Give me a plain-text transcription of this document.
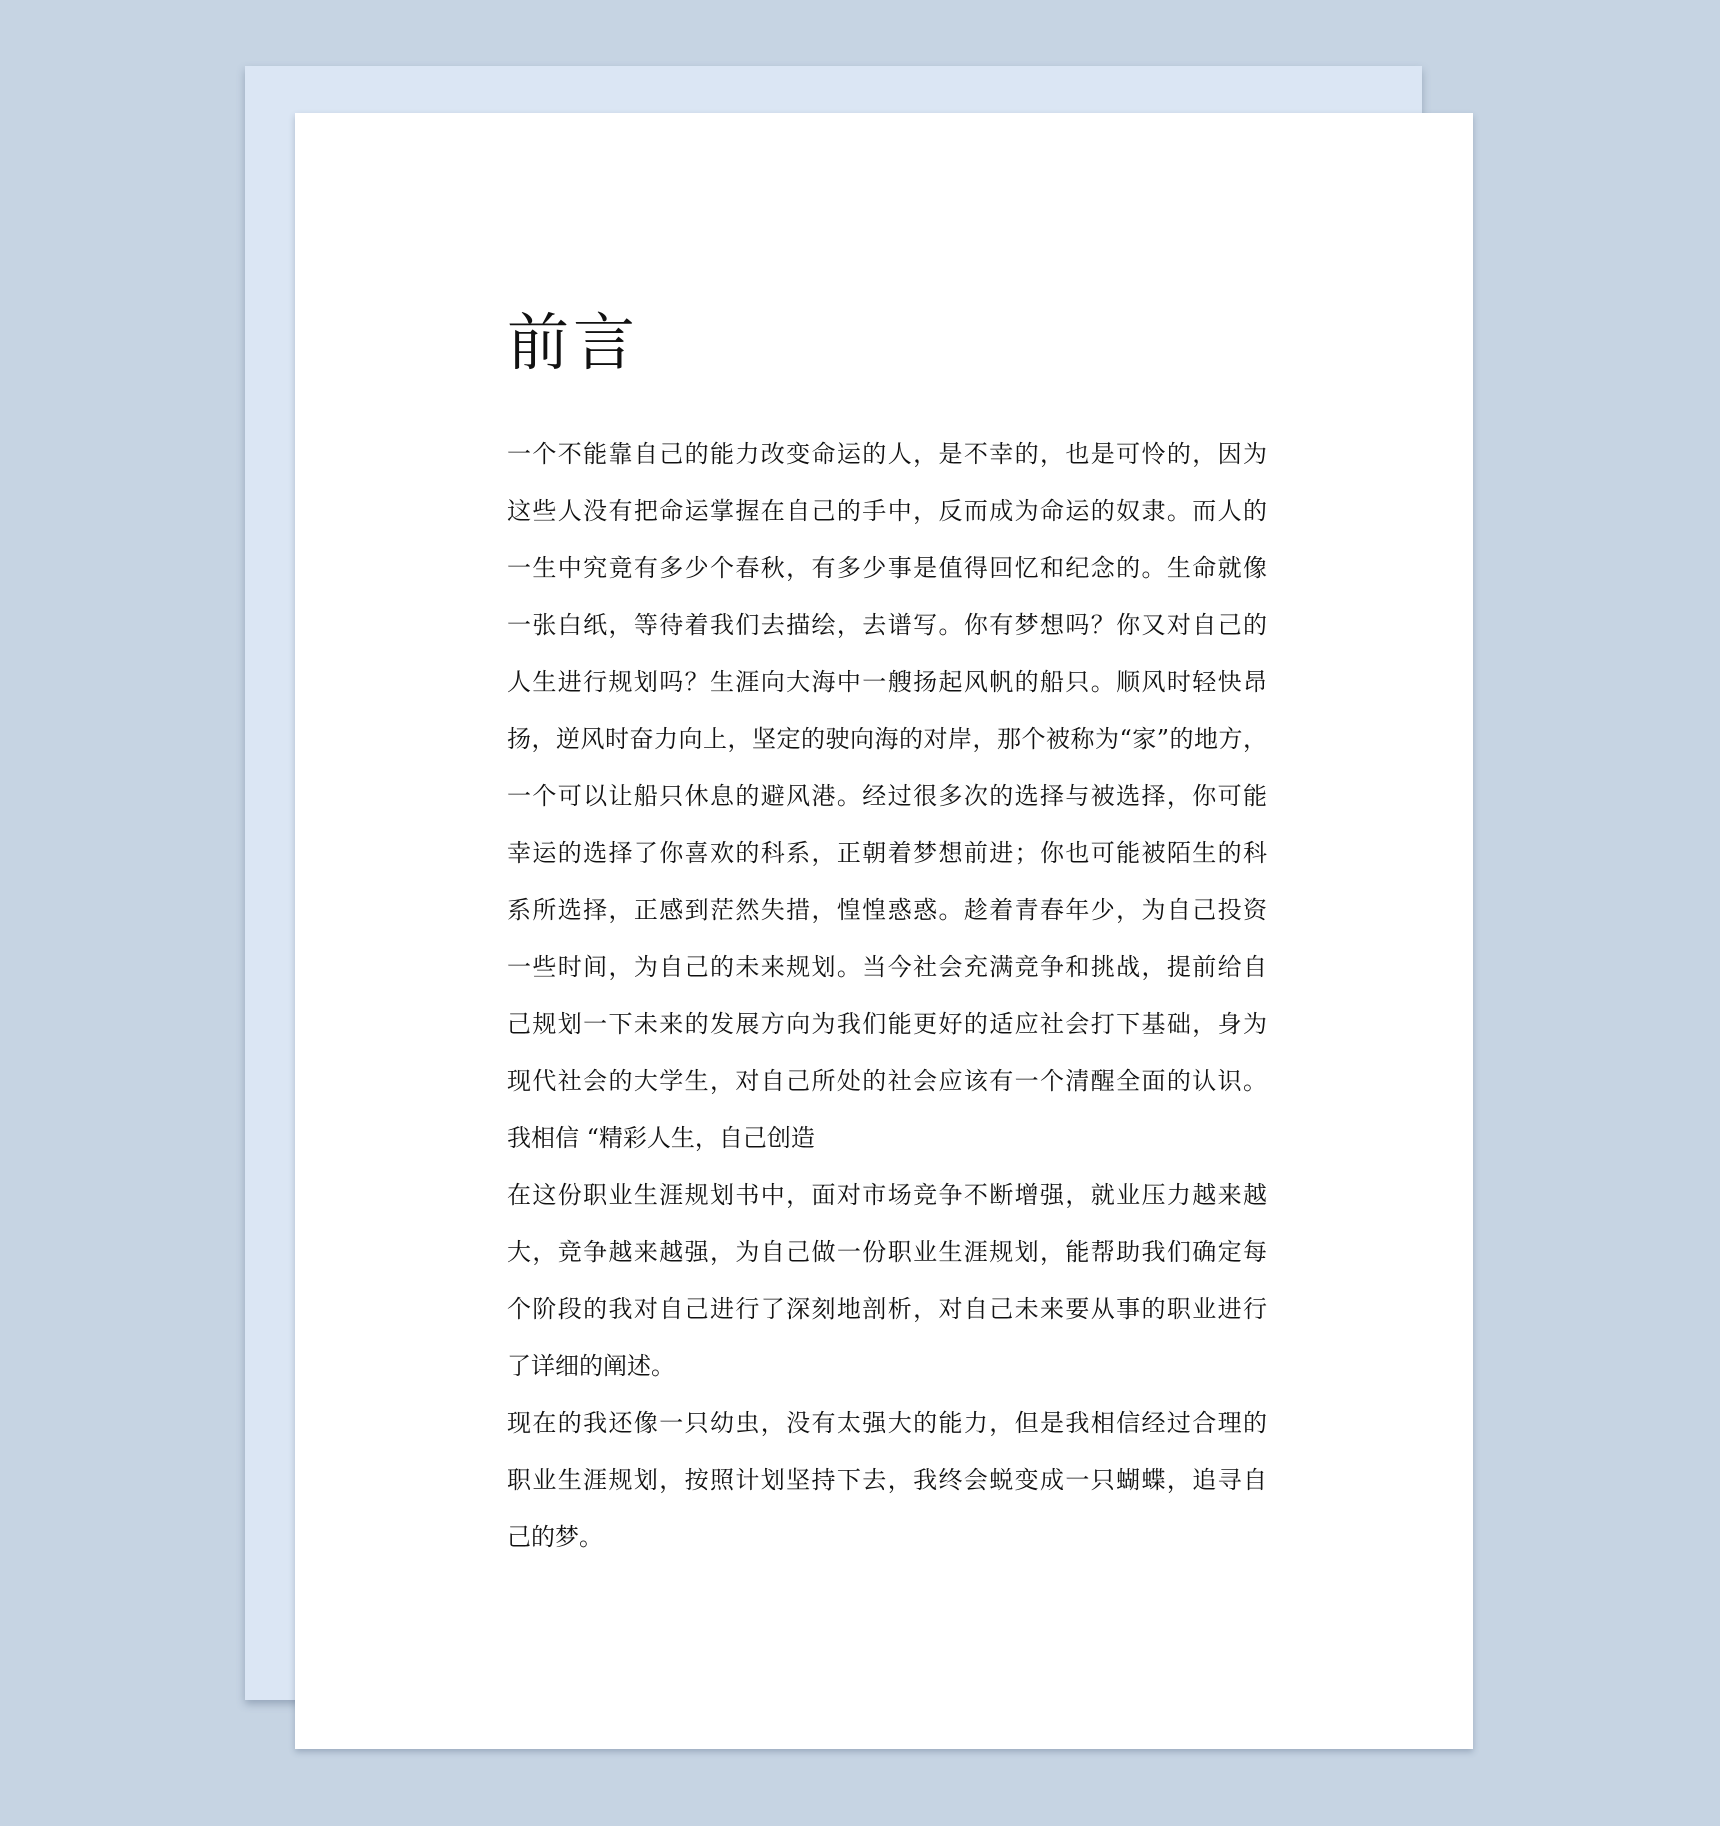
前言
一个不能靠自己的能力改变命运的人，是不幸的，也是可怜的，因为
这些人没有把命运掌握在自己的手中，反而成为命运的奴隶。而人的
一生中究竟有多少个春秋，有多少事是值得回忆和纪念的。生命就像
一张白纸，等待着我们去描绘，去谱写。你有梦想吗？你又对自己的
人生进行规划吗？生涯向大海中一艘扬起风帆的船只。顺风时轻快昂
扬，逆风时奋力向上，坚定的驶向海的对岸，那个被称为“家”的地方，
一个可以让船只休息的避风港。经过很多次的选择与被选择，你可能
幸运的选择了你喜欢的科系，正朝着梦想前进；你也可能被陌生的科
系所选择，正感到茫然失措，惶惶惑惑。趁着青春年少，为自己投资
一些时间，为自己的未来规划。当今社会充满竞争和挑战，提前给自
己规划一下未来的发展方向为我们能更好的适应社会打下基础，身为
现代社会的大学生，对自己所处的社会应该有一个清醒全面的认识。
我相信 “精彩人生，自己创造
在这份职业生涯规划书中，面对市场竞争不断增强，就业压力越来越
大，竞争越来越强，为自己做一份职业生涯规划，能帮助我们确定每
个阶段的我对自己进行了深刻地剖析，对自己未来要从事的职业进行
了详细的阐述。
现在的我还像一只幼虫，没有太强大的能力，但是我相信经过合理的
职业生涯规划，按照计划坚持下去，我终会蜕变成一只蝴蝶，追寻自
己的梦。
